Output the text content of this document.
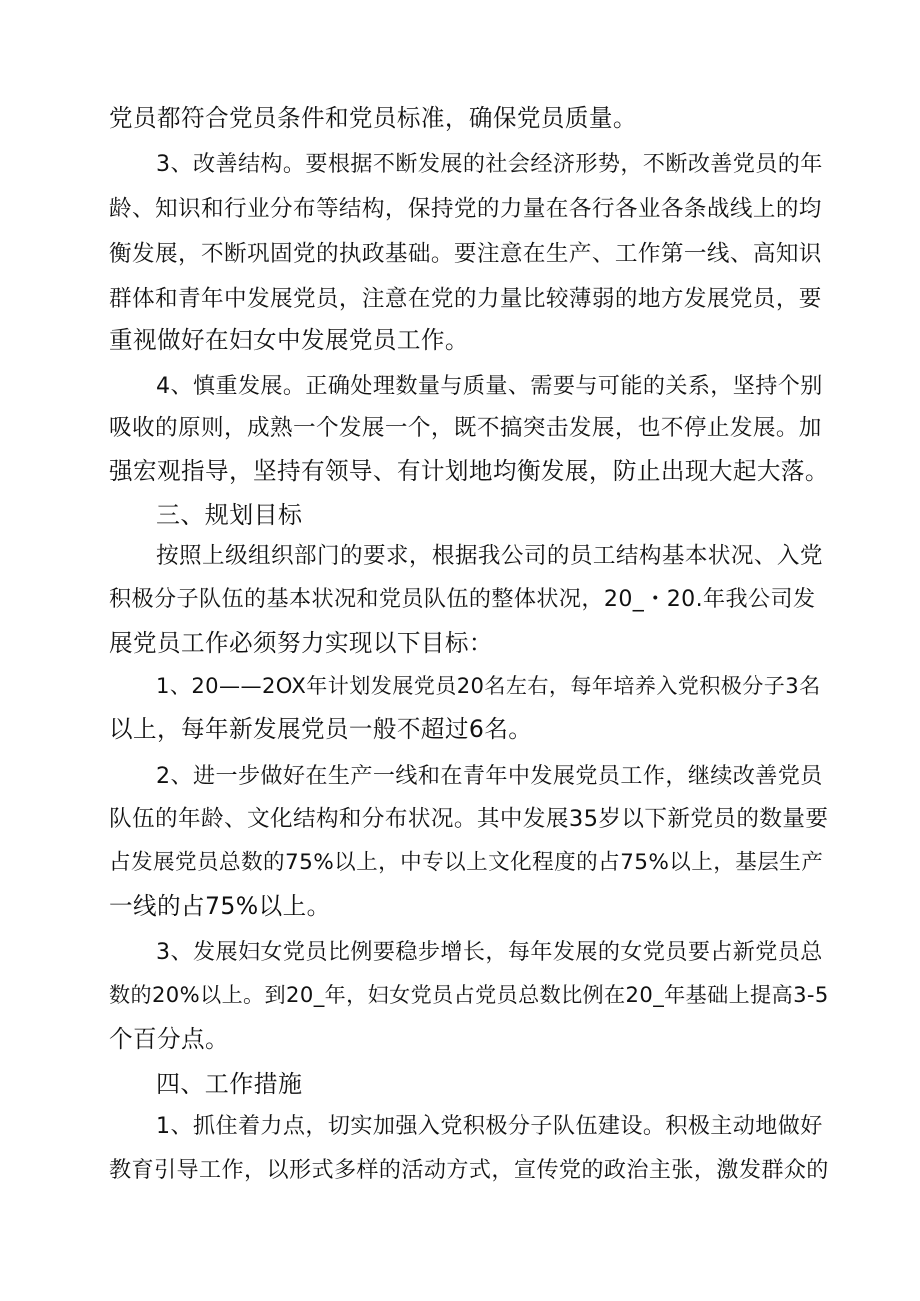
党员都符合党员条件和党员标准，确保党员质量。
3、改善结构。要根据不断发展的社会经济形势，不断改善党员的年
龄、知识和行业分布等结构，保持党的力量在各行各业各条战线上的均
衡发展，不断巩固党的执政基础。要注意在生产、工作第一线、高知识
群体和青年中发展党员，注意在党的力量比较薄弱的地方发展党员，要
重视做好在妇女中发展党员工作。
4、慎重发展。正确处理数量与质量、需要与可能的关系，坚持个别
吸收的原则，成熟一个发展一个，既不搞突击发展，也不停止发展。加
强宏观指导，坚持有领导、有计划地均衡发展，防止出现大起大落。
三、规划目标
按照上级组织部门的要求，根据我公司的员工结构基本状况、入党
积极分子队伍的基本状况和党员队伍的整体状况，20_・20.年我公司发
展党员工作必须努力实现以下目标：
1、20——2OX年计划发展党员20名左右，每年培养入党积极分子3名
以上，每年新发展党员一般不超过6名。
2、进一步做好在生产一线和在青年中发展党员工作，继续改善党员
队伍的年龄、文化结构和分布状况。其中发展35岁以下新党员的数量要
占发展党员总数的75%以上，中专以上文化程度的占75%以上，基层生产
一线的占75%以上。
3、发展妇女党员比例要稳步增长，每年发展的女党员要占新党员总
数的20%以上。到20_年，妇女党员占党员总数比例在20_年基础上提高3-5
个百分点。
四、工作措施
1、抓住着力点，切实加强入党积极分子队伍建设。积极主动地做好
教育引导工作，以形式多样的活动方式，宣传党的政治主张，激发群众的
